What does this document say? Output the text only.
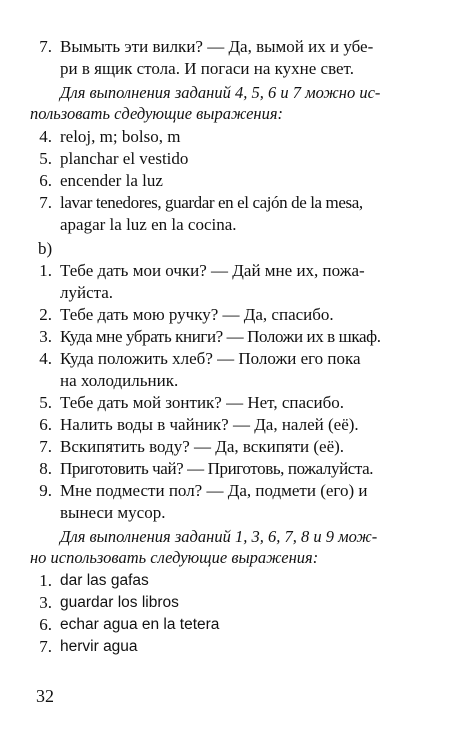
7. Вымыть эти вилки? — Да, вымой их и убе-
ри в ящик стола. И погаси на кухне свет.
Для выполнения заданий 4, 5, 6 и 7 можно ис-
пользовать сдедующие выражения:
4. reloj, m; bolso, m
5. planchar el vestido
6. encender la luz
7. lavar tenedores, guardar en el cajón de la mesa,
apagar la luz en la cocina.
b)
1. Тебе дать мои очки? — Дай мне их, пожа-
луйста.
2. Тебе дать мою ручку? — Да, спасибо.
3. Куда мне убрать книги? — Положи их в шкаф.
4. Куда положить хлеб? — Положи его пока
на холодильник.
5. Тебе дать мой зонтик? — Нет, спасибо.
6. Налить воды в чайник? — Да, налей (её).
7. Вскипятить воду? — Да, вскипяти (её).
8. Приготовить чай? — Приготовь, пожалуйста.
9. Мне подмести пол? — Да, подмети (его) и
вынеси мусор.
Для выполнения заданий 1, 3, 6, 7, 8 и 9 мож-
но использовать следующие выражения:
1. dar las gafas
3. guardar los libros
6. echar agua en la tetera
7. hervir agua
32
